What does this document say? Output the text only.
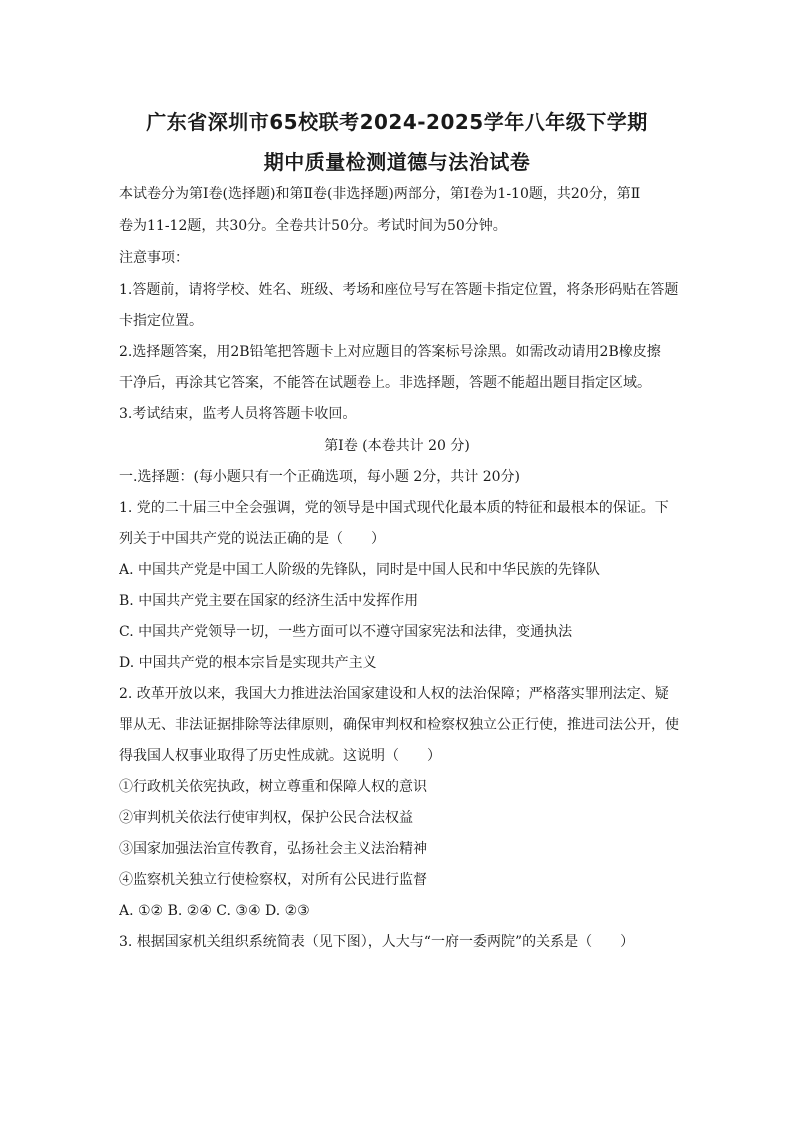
广东省深圳市65校联考2024-2025学年八年级下学期
期中质量检测道德与法治试卷
本试卷分为第Ⅰ卷(选择题)和第Ⅱ卷(非选择题)两部分，第Ⅰ卷为1-10题，共20分，第Ⅱ
卷为11-12题，共30分。全卷共计50分。考试时间为50分钟。
注意事项：
1.答题前，请将学校、姓名、班级、考场和座位号写在答题卡指定位置，将条形码贴在答题
卡指定位置。
2.选择题答案，用2B铅笔把答题卡上对应题目的答案标号涂黑。如需改动请用2B橡皮擦
干净后，再涂其它答案，不能答在试题卷上。非选择题，答题不能超出题目指定区域。
3.考试结束，监考人员将答题卡收回。
第Ⅰ卷 (本卷共计 20 分)
一.选择题：(每小题只有一个正确选项，每小题 2分，共计 20分)
1. 党的二十届三中全会强调，党的领导是中国式现代化最本质的特征和最根本的保证。下
列关于中国共产党的说法正确的是（　　）
A. 中国共产党是中国工人阶级的先锋队，同时是中国人民和中华民族的先锋队
B. 中国共产党主要在国家的经济生活中发挥作用
C. 中国共产党领导一切，一些方面可以不遵守国家宪法和法律，变通执法
D. 中国共产党的根本宗旨是实现共产主义
2. 改革开放以来，我国大力推进法治国家建设和人权的法治保障；严格落实罪刑法定、疑
罪从无、非法证据排除等法律原则，确保审判权和检察权独立公正行使，推进司法公开，使
得我国人权事业取得了历史性成就。这说明（　　）
①行政机关依宪执政，树立尊重和保障人权的意识
②审判机关依法行使审判权，保护公民合法权益
③国家加强法治宣传教育，弘扬社会主义法治精神
④监察机关独立行使检察权，对所有公民进行监督
A. ①② B. ②④ C. ③④ D. ②③
3. 根据国家机关组织系统简表（见下图），人大与“一府一委两院”的关系是（　　）
